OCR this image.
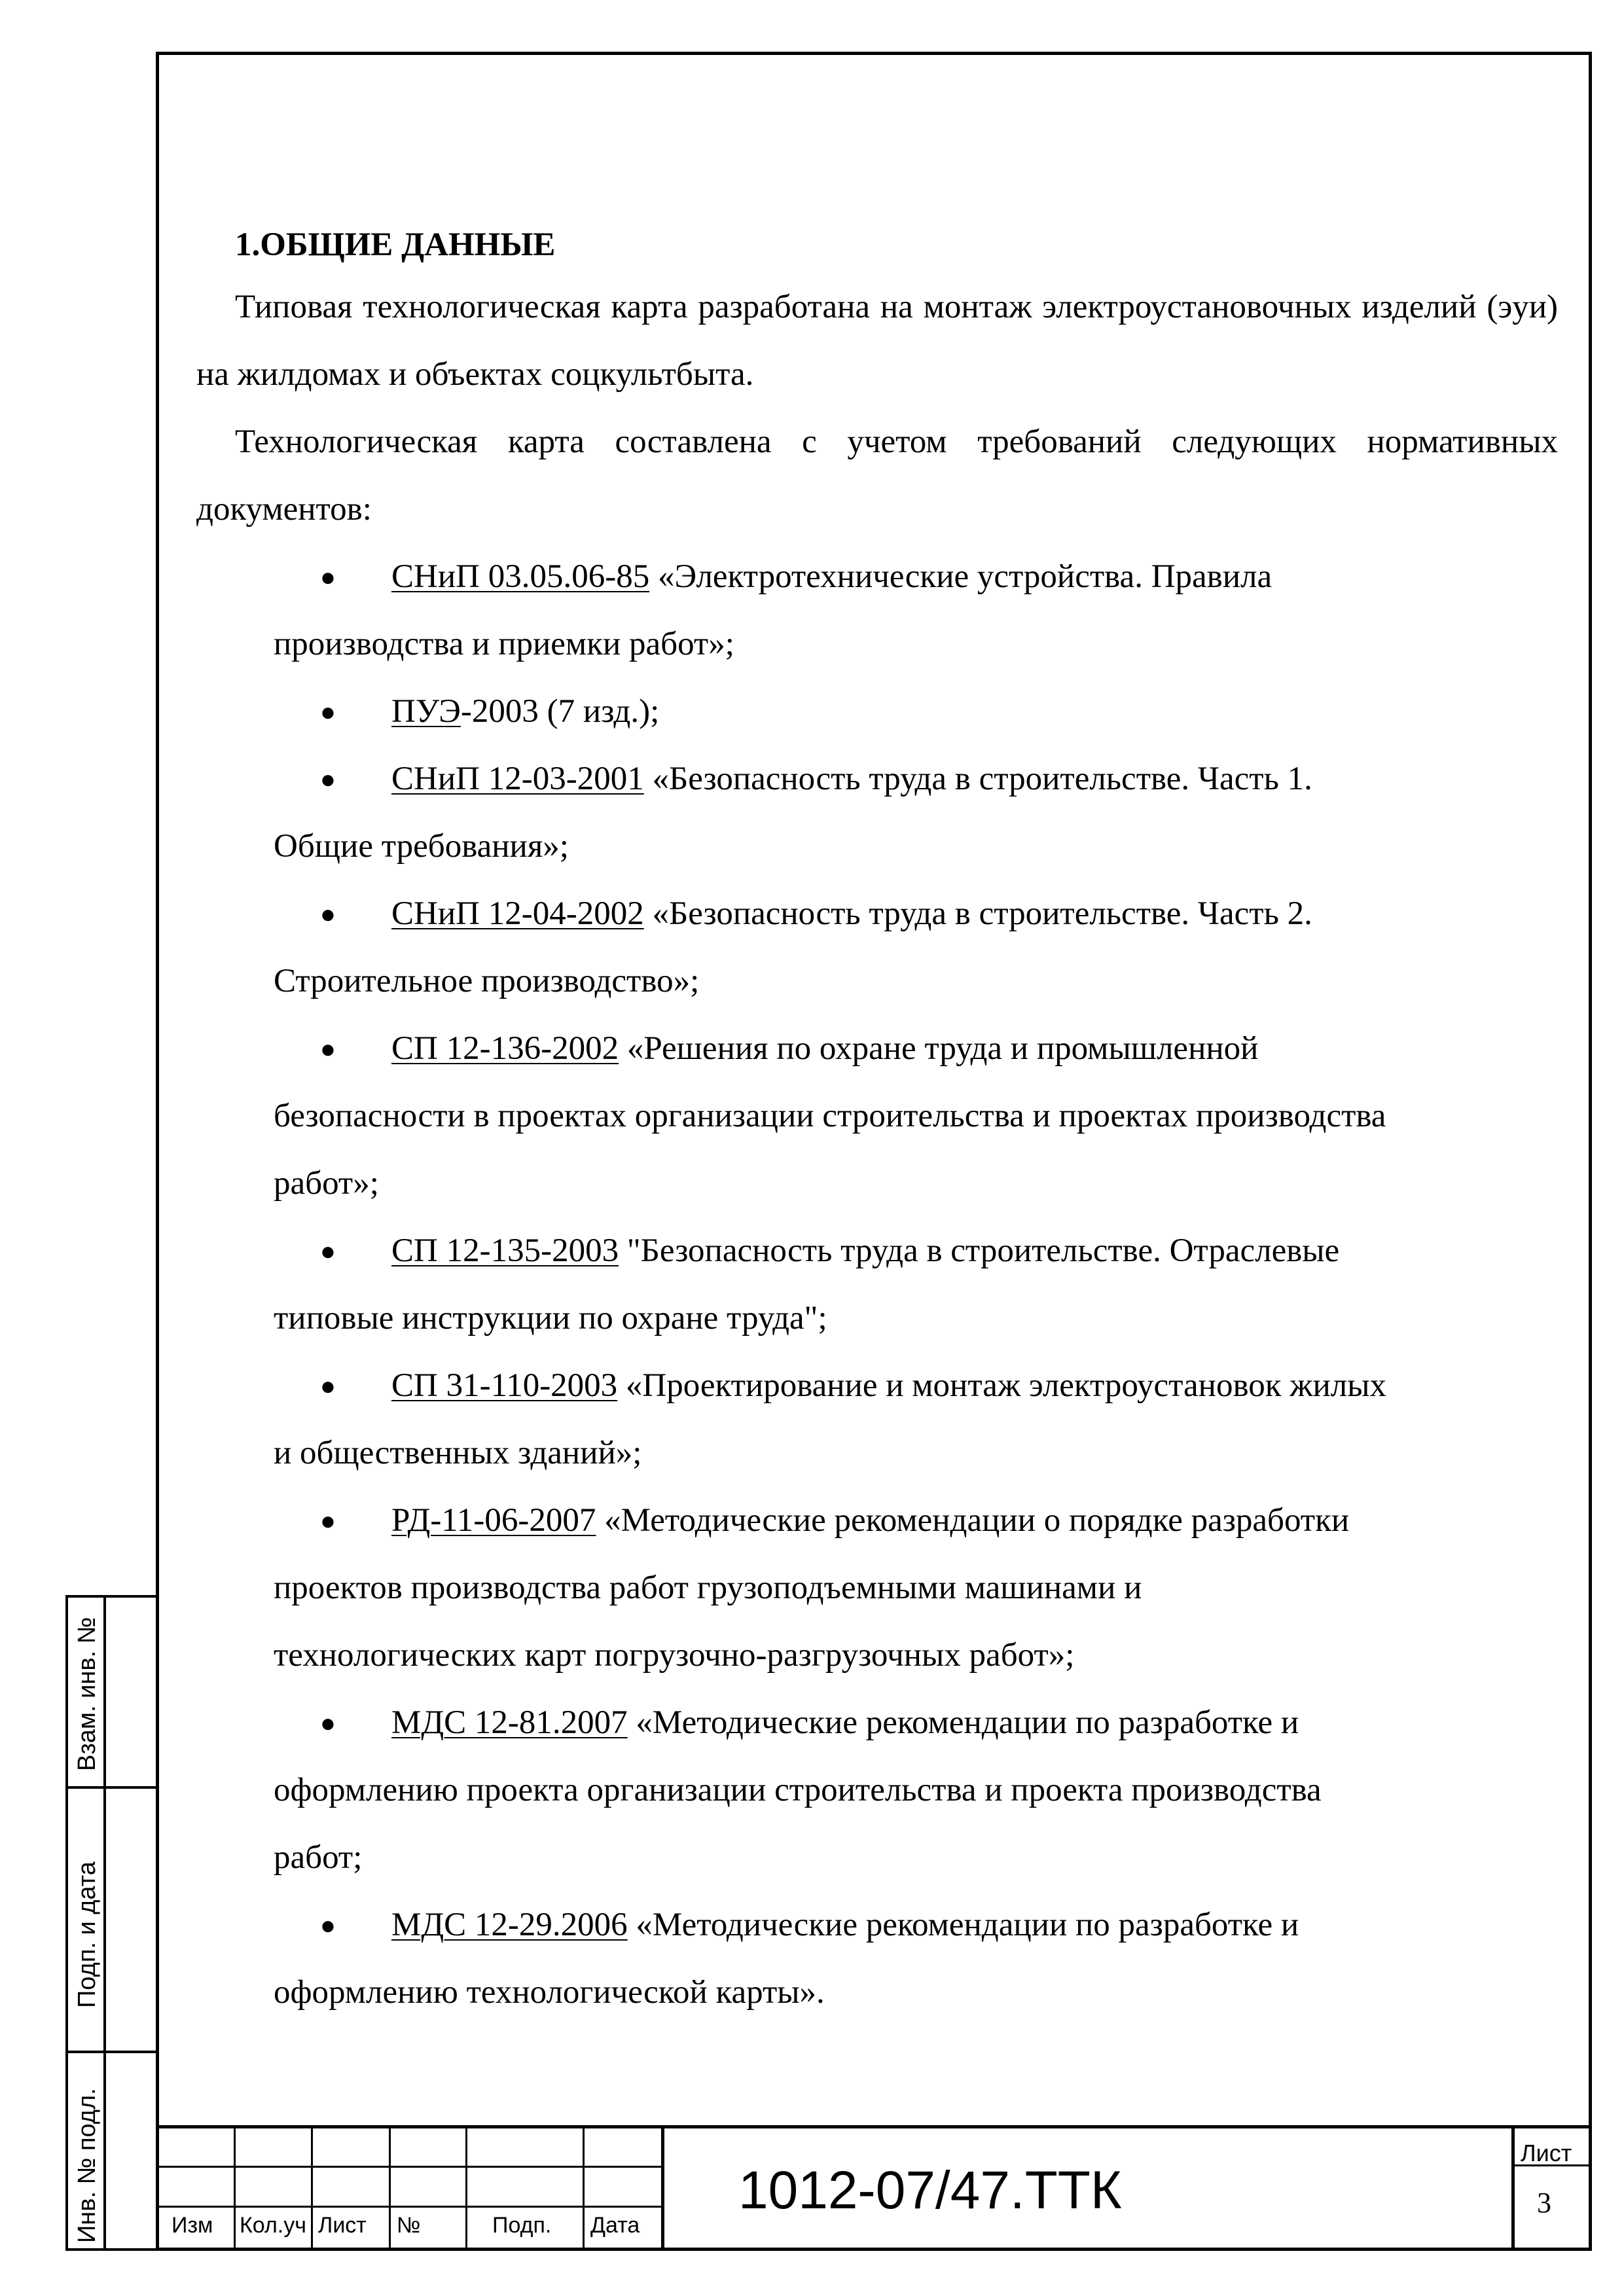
1.ОБЩИЕ ДАННЫЕ

Типовая технологическая карта разработана на монтаж электроустановочных изделий (эуи) на жилдомах и объектах соцкультбыта.

Технологическая карта составлена с учетом требований следующих нормативных документов:

●	СНиП 03.05.06-85 «Электротехнические устройства. Правила
производства и приемки работ»;
●	ПУЭ-2003 (7 изд.);
●	СНиП 12-03-2001 «Безопасность труда в строительстве. Часть 1.
Общие требования»;
●	СНиП 12-04-2002 «Безопасность труда в строительстве. Часть 2.
Строительное производство»;
●	СП 12-136-2002 «Решения по охране труда и промышленной
безопасности в проектах организации строительства и проектах производства
работ»;
●	СП 12-135-2003 "Безопасность труда в строительстве. Отраслевые
типовые инструкции по охране труда";
●	СП 31-110-2003 «Проектирование и монтаж электроустановок жилых
и общественных зданий»;
●	РД-11-06-2007 «Методические рекомендации о порядке разработки
проектов производства работ грузоподъемными машинами и
технологических карт погрузочно-разгрузочных работ»;
●	МДС 12-81.2007 «Методические рекомендации по разработке и
оформлению проекта организации строительства и проекта производства
работ;
●	МДС 12-29.2006 «Методические рекомендации по разработке и
оформлению технологической карты».
Взам. инв. №
Подп. и дата
Инв. № подл.	Изм Кол.уч Лист №	Подп. Дата
1012-07/47.ТТК
Лист
3
